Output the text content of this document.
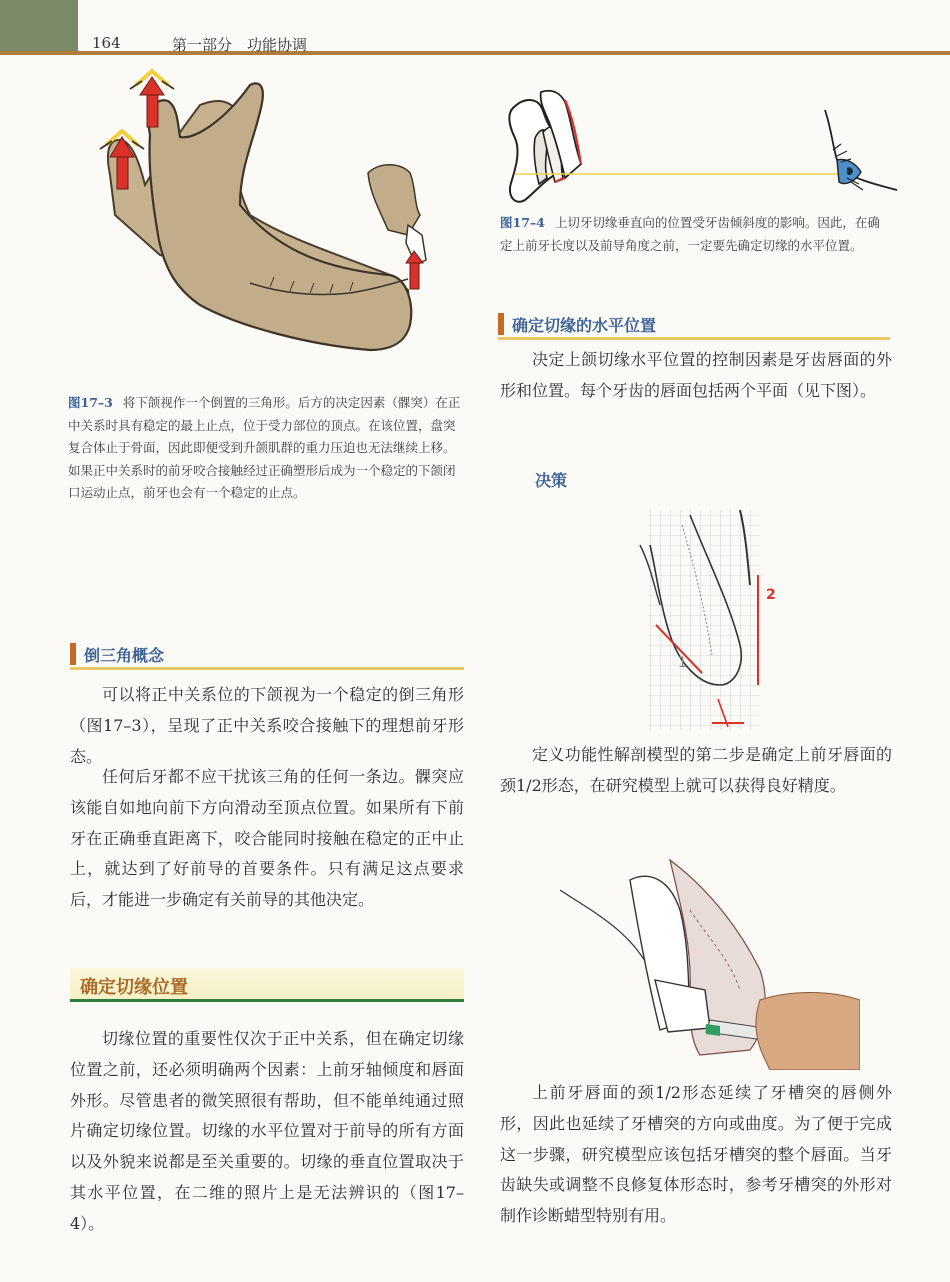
164	第一部分　功能协调
图17–3 将下颌视作一个倒置的三角形。后方的决定因素（髁突）在正中关系时具有稳定的最上止点，位于受力部位的顶点。在该位置，盘突复合体止于骨面，因此即便受到升颌肌群的重力压迫也无法继续上移。如果正中关系时的前牙咬合接触经过正确塑形后成为一个稳定的下颌闭口运动止点，前牙也会有一个稳定的止点。
倒三角概念
可以将正中关系位的下颌视为一个稳定的倒三角形（图17–3），呈现了正中关系咬合接触下的理想前牙形态。
任何后牙都不应干扰该三角的任何一条边。髁突应该能自如地向前下方向滑动至顶点位置。如果所有下前牙在正确垂直距离下，咬合能同时接触在稳定的正中止上，就达到了好前导的首要条件。只有满足这点要求后，才能进一步确定有关前导的其他决定。
确定切缘位置
切缘位置的重要性仅次于正中关系，但在确定切缘位置之前，还必须明确两个因素：上前牙轴倾度和唇面外形。尽管患者的微笑照很有帮助，但不能单纯通过照片确定切缘位置。切缘的水平位置对于前导的所有方面以及外貌来说都是至关重要的。切缘的垂直位置取决于其水平位置，在二维的照片上是无法辨识的（图17–4）。
图17–4 上切牙切缘垂直向的位置受牙齿倾斜度的影响。因此，在确定上前牙长度以及前导角度之前，一定要先确定切缘的水平位置。
确定切缘的水平位置
决定上颌切缘水平位置的控制因素是牙齿唇面的外形和位置。每个牙齿的唇面包括两个平面（见下图）。
决策
1
2
定义功能性解剖模型的第二步是确定上前牙唇面的颈1/2形态，在研究模型上就可以获得良好精度。
上前牙唇面的颈1/2形态延续了牙槽突的唇侧外形，因此也延续了牙槽突的方向或曲度。为了便于完成这一步骤，研究模型应该包括牙槽突的整个唇面。当牙齿缺失或调整不良修复体形态时，参考牙槽突的外形对制作诊断蜡型特别有用。
